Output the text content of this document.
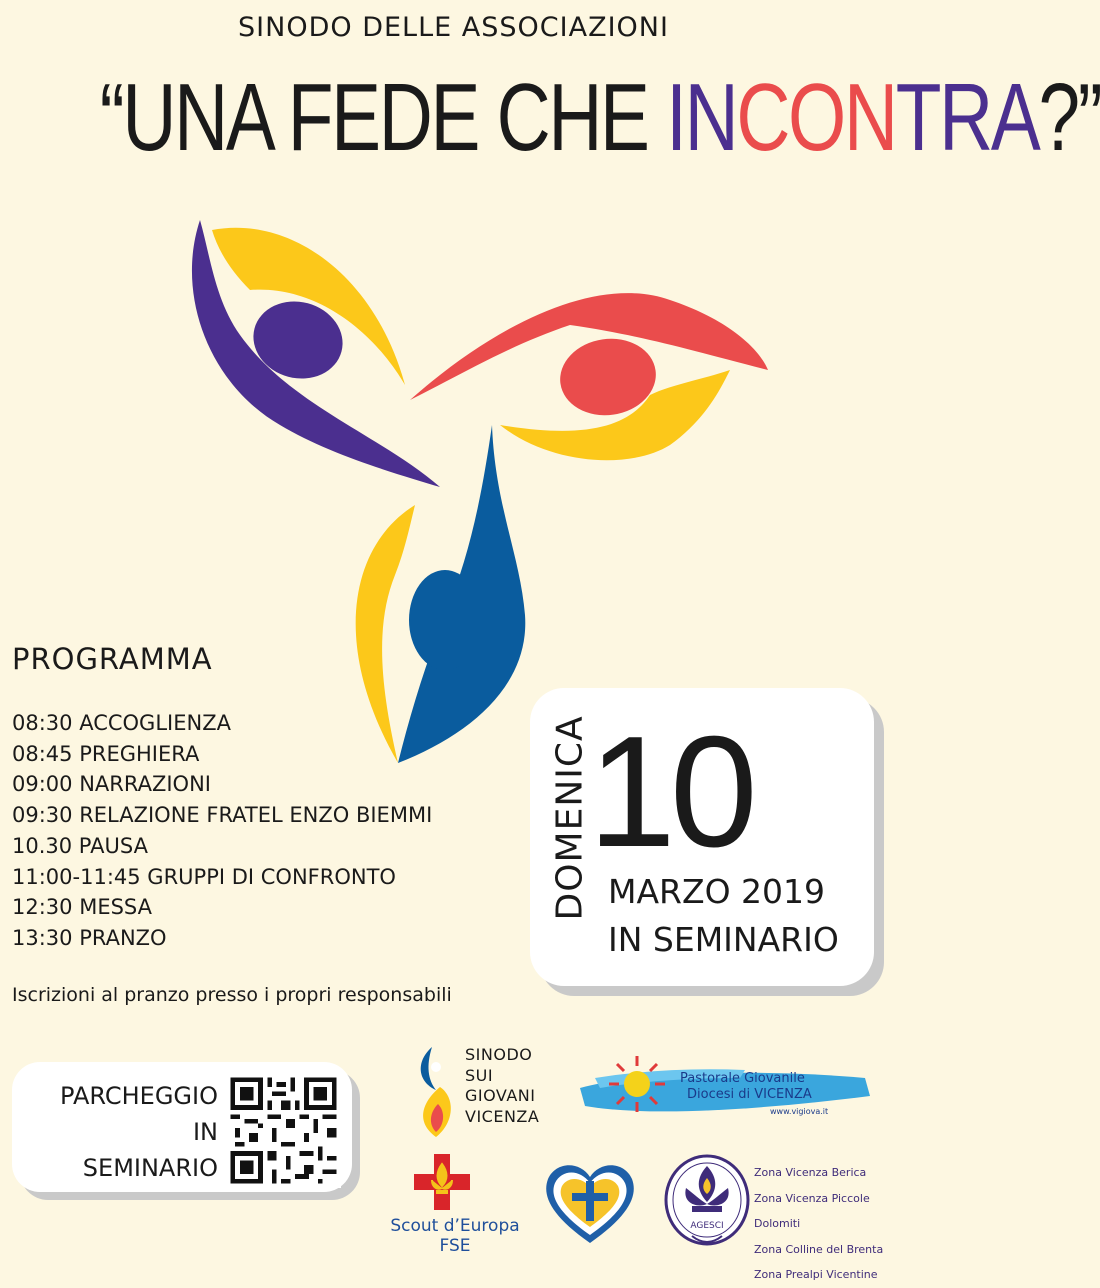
SINODO DELLE ASSOCIAZIONI
“UNA FEDE CHE INCONTRA?”
PROGRAMMA
08:30 ACCOGLIENZA
08:45 PREGHIERA
09:00 NARRAZIONI
09:30 RELAZIONE FRATEL ENZO BIEMMI
10.30 PAUSA
11:00-11:45 GRUPPI DI CONFRONTO
12:30 MESSA
13:30 PRANZO
Iscrizioni al pranzo presso i propri responsabili
DOMENICA
10
MARZO 2019
IN SEMINARIO
PARCHEGGIO
IN
SEMINARIO
SINODO
SUI
GIOVANI
VICENZA
Pastorale Giovanile
Diocesi di VICENZA
www.vigiova.it
Scout d’Europa
FSE
AGESCI
Zona Vicenza Berica
Zona Vicenza Piccole Dolomiti
Zona Colline del Brenta
Zona Prealpi Vicentine
